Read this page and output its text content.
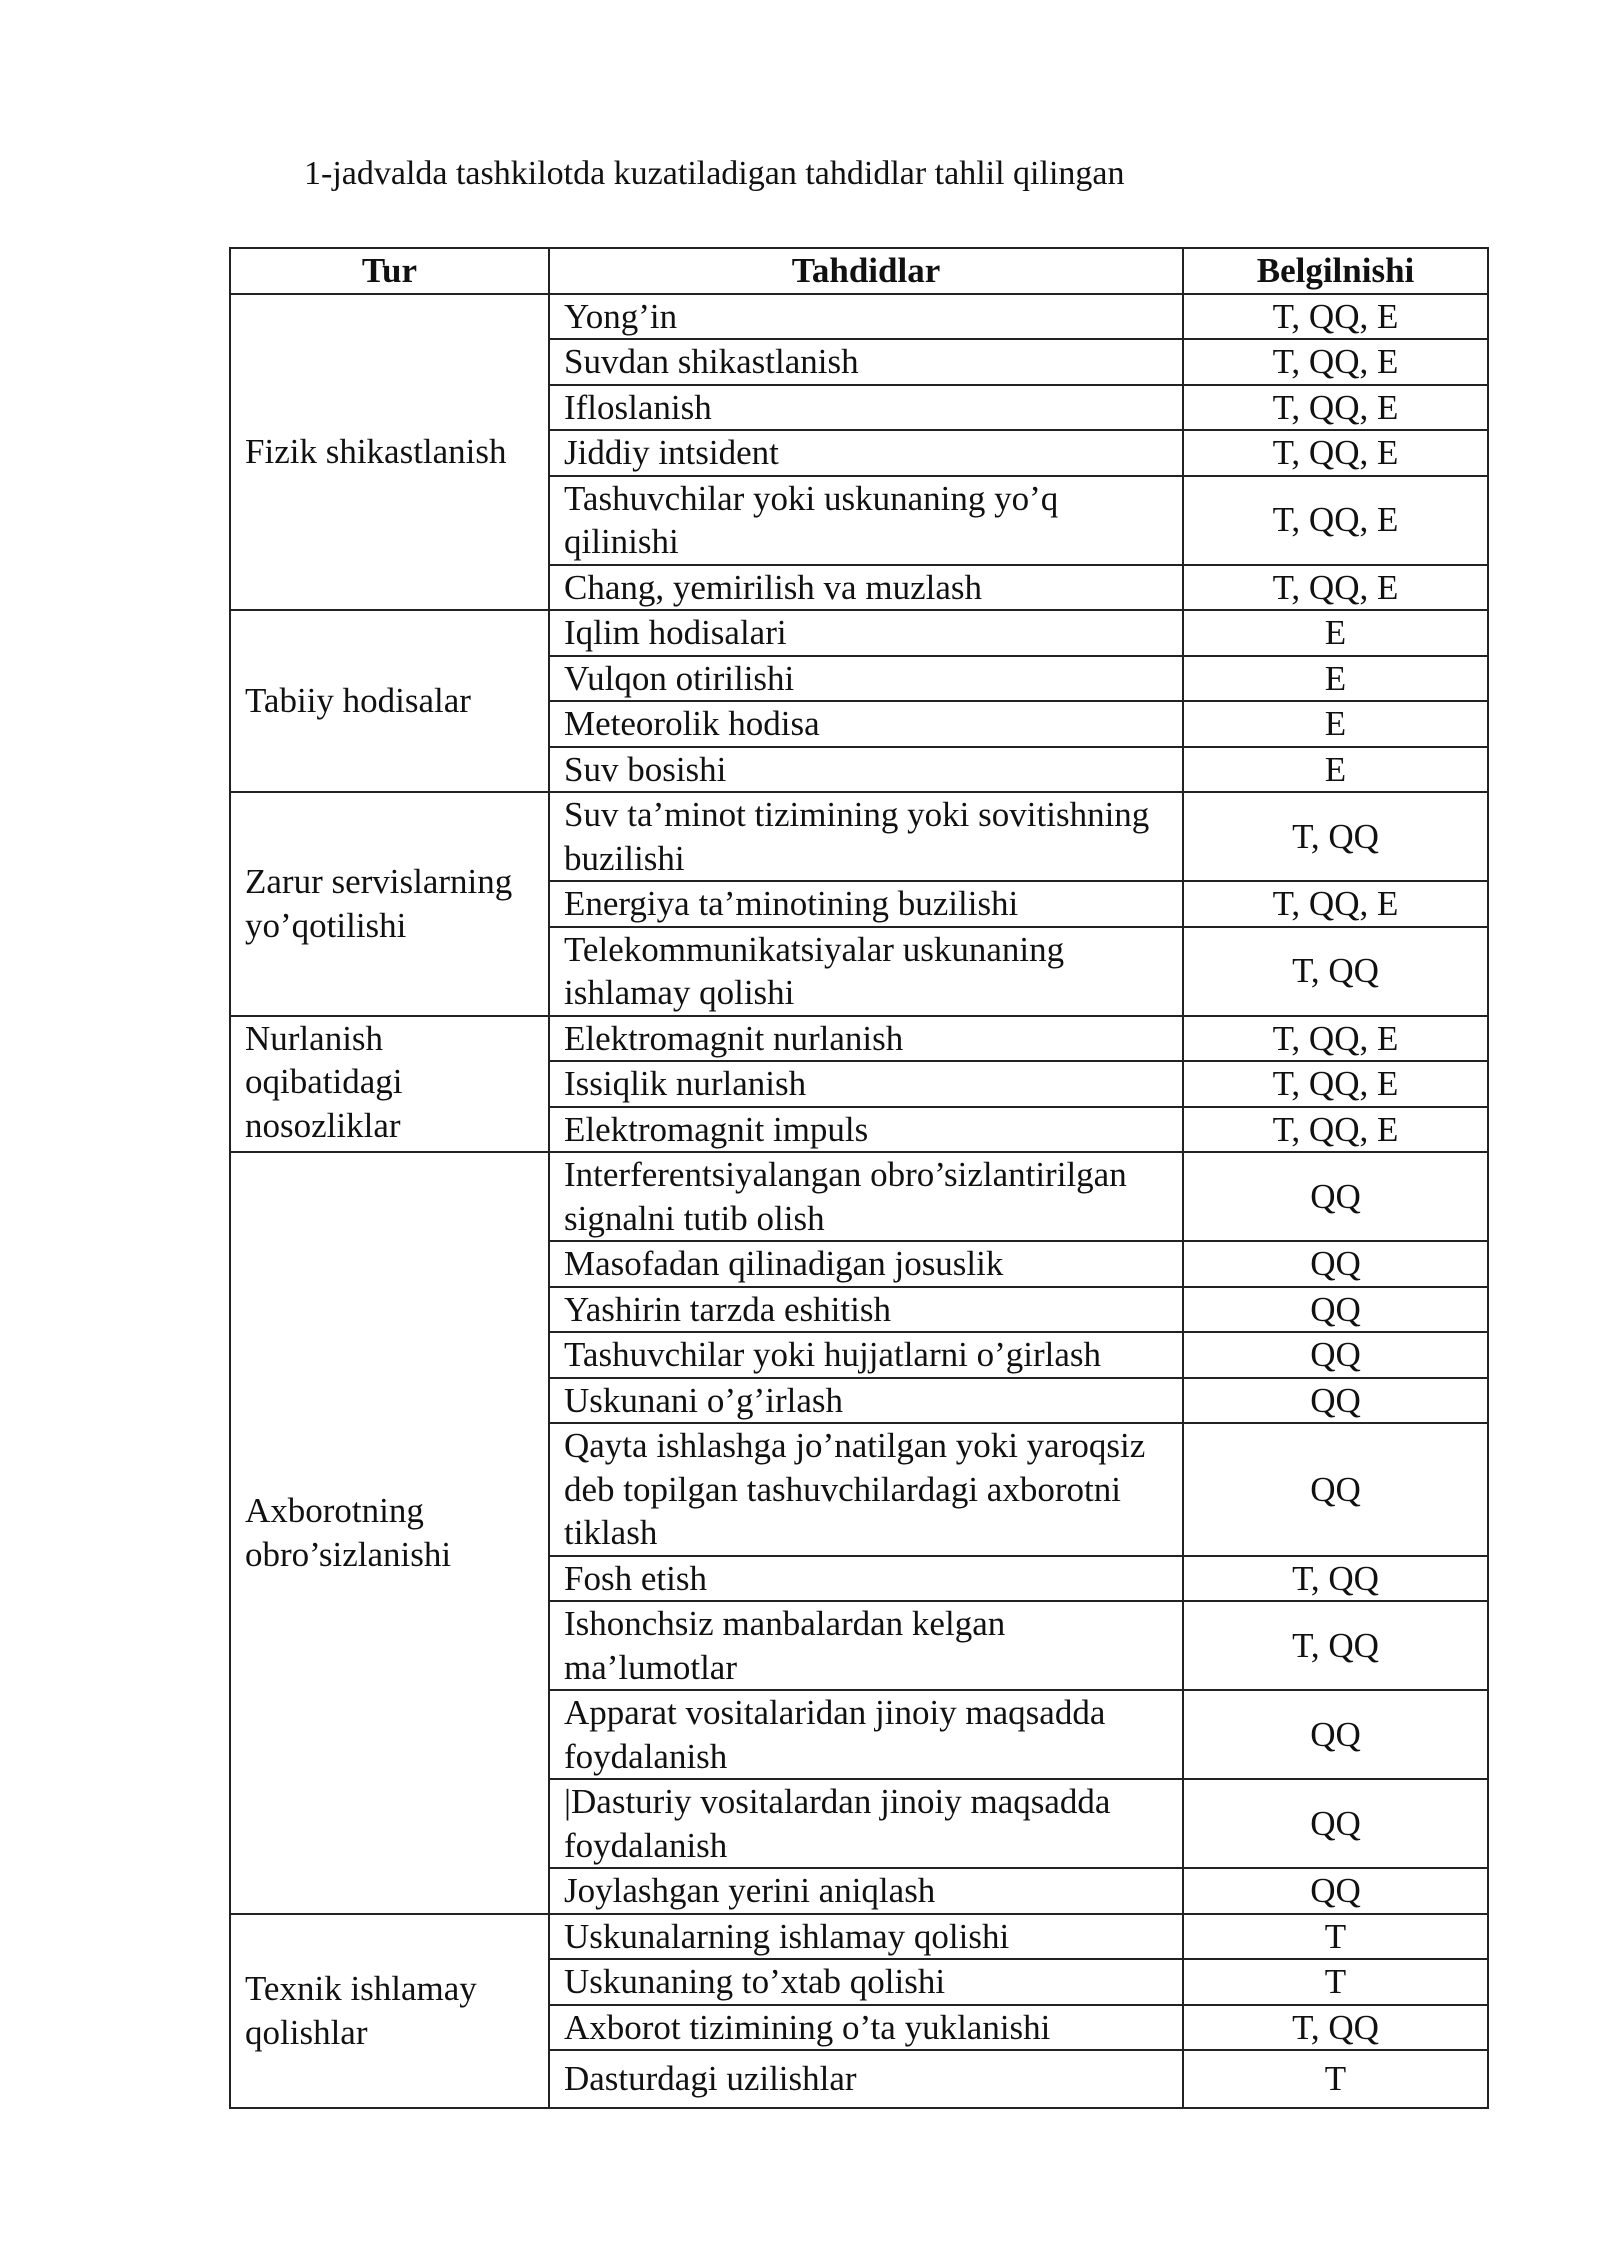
1-jadvalda tashkilotda kuzatiladigan tahdidlar tahlil qilingan
Tur	Tahdidlar	Belgilnishi
Fizik shikastlanish	Yong’in	T, QQ, E
	Suvdan shikastlanish	T, QQ, E
	Ifloslanish	T, QQ, E
	Jiddiy intsident	T, QQ, E
	Tashuvchilar yoki uskunaning yo’q qilinishi	T, QQ, E
	Chang, yemirilish va muzlash	T, QQ, E
Tabiiy hodisalar	Iqlim hodisalari	E
	Vulqon otirilishi	E
	Meteorolik hodisa	E
	Suv bosishi	E
Zarur servislarning yo’qotilishi	Suv ta’minot tizimining yoki sovitishning buzilishi	T, QQ
	Energiya ta’minotining buzilishi	T, QQ, E
	Telekommunikatsiyalar uskunaning ishlamay qolishi	T, QQ
Nurlanish oqibatidagi nosozliklar	Elektromagnit nurlanish	T, QQ, E
	Issiqlik nurlanish	T, QQ, E
	Elektromagnit impuls	T, QQ, E
Axborotning obro’sizlanishi	Interferentsiyalangan obro’sizlantirilgan signalni tutib olish	QQ
	Masofadan qilinadigan josuslik	QQ
	Yashirin tarzda eshitish	QQ
	Tashuvchilar yoki hujjatlarni o’girlash	QQ
	Uskunani o’g’irlash	QQ
	Qayta ishlashga jo’natilgan yoki yaroqsiz deb topilgan tashuvchilardagi axborotni tiklash	QQ
	Fosh etish	T, QQ
	Ishonchsiz manbalardan kelgan ma’lumotlar	T, QQ
	Apparat vositalaridan jinoiy maqsadda foydalanish	QQ
	|Dasturiy vositalardan jinoiy maqsadda foydalanish	QQ
	Joylashgan yerini aniqlash	QQ
Texnik ishlamay qolishlar	Uskunalarning ishlamay qolishi	T
	Uskunaning to’xtab qolishi	T
	Axborot tizimining o’ta yuklanishi	T, QQ
	Dasturdagi uzilishlar	T
